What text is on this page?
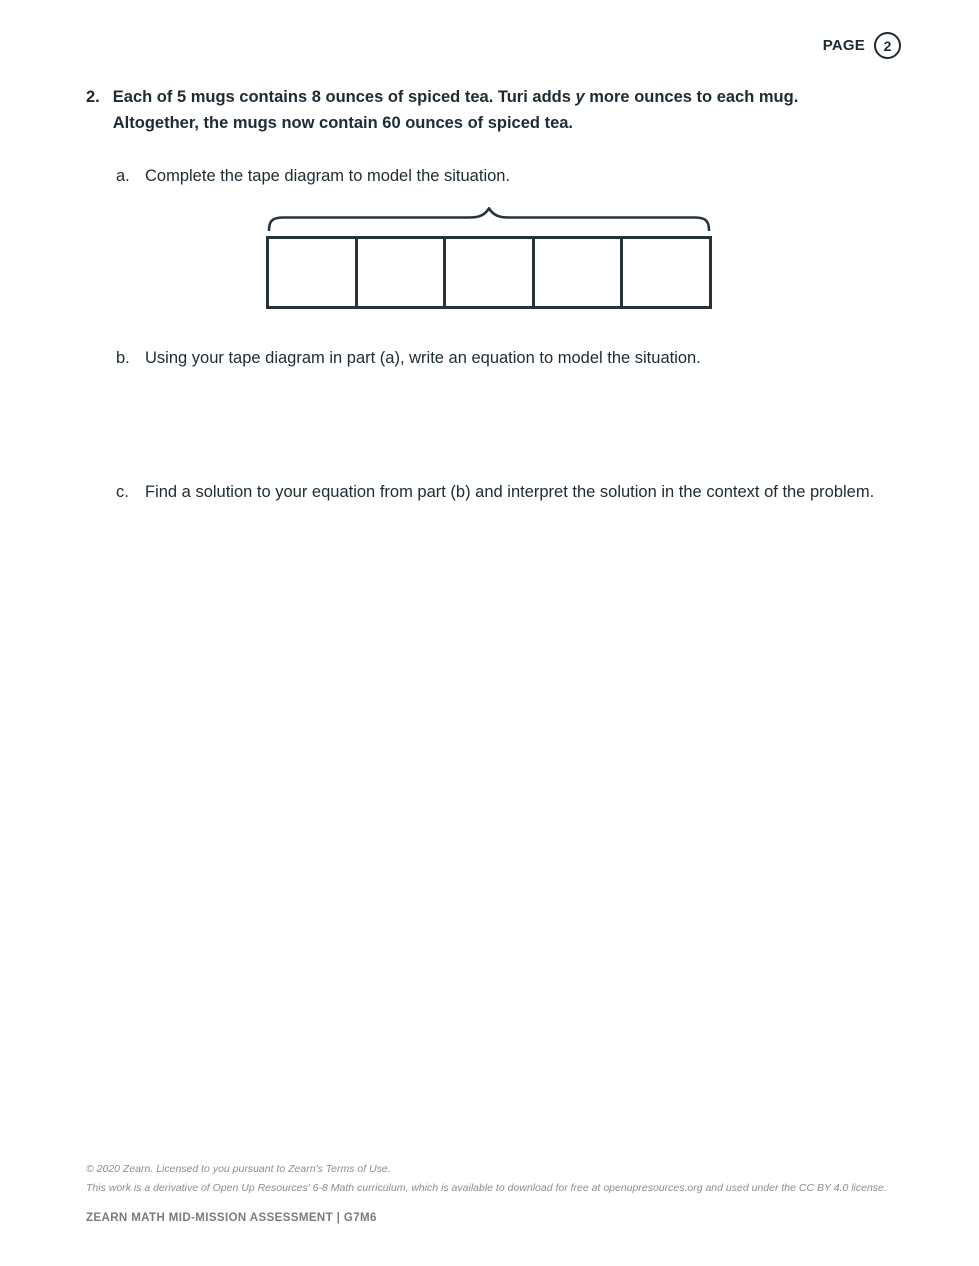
PAGE	2
2. Each of 5 mugs contains 8 ounces of spiced tea. Turi adds y more ounces to each mug. Altogether, the mugs now contain 60 ounces of spiced tea.

a. Complete the tape diagram to model the situation.
b. Using your tape diagram in part (a), write an equation to model the situation.
c. Find a solution to your equation from part (b) and interpret the solution in the context of the problem.
© 2020 Zearn. Licensed to you pursuant to Zearn's Terms of Use.
This work is a derivative of Open Up Resources' 6-8 Math curriculum, which is available to download for free at openupresources.org and used under the CC BY 4.0 license.
ZEARN MATH MID-MISSION ASSESSMENT | G7M6
